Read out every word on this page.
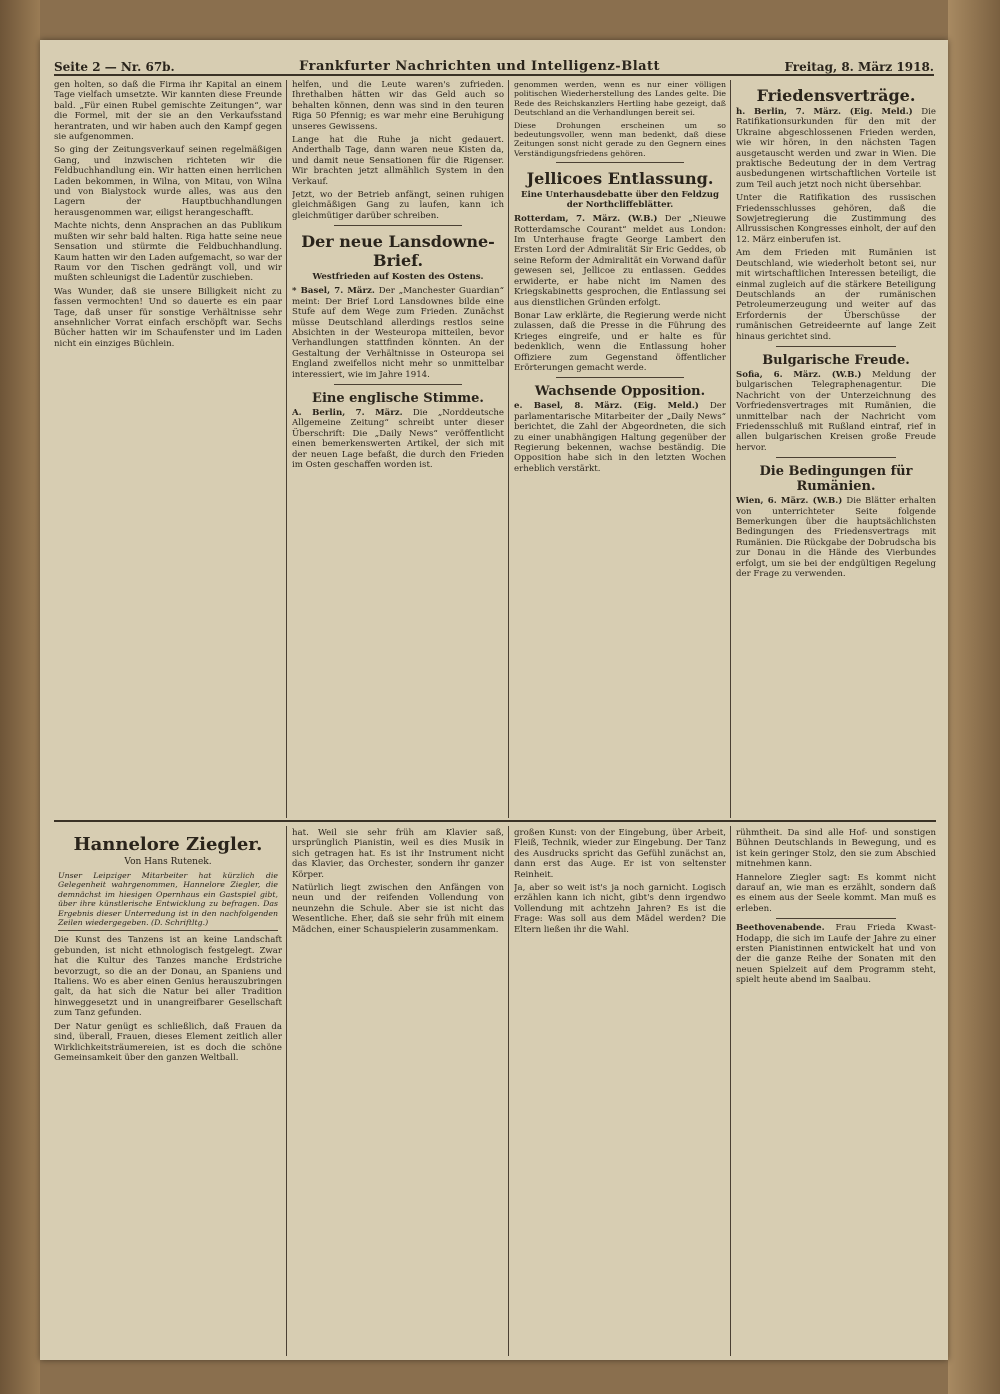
Seite 2 — Nr. 67b.	Frankfurter Nachrichten und Intelligenz-Blatt	Freitag, 8. März 1918.

gen holten, so daß die Firma ihr Kapital an einem Tage vielfach umsetzte. Wir kannten diese Freunde bald. „Für einen Rubel gemischte Zeitungen“, war die Formel, mit der sie an den Verkaufsstand herantraten, und wir haben auch den Kampf gegen sie aufgenommen.

So ging der Zeitungsverkauf seinen regelmäßigen Gang, und inzwischen richteten wir die Feldbuchhandlung ein. Wir hatten einen herrlichen Laden bekommen, in Wilna, von Mitau, von Wilna und von Bialystock wurde alles, was aus den Lagern der Hauptbuchhandlungen herausgenommen war, eiligst herangeschafft.

Machte nichts, denn Ansprachen an das Publikum mußten wir sehr bald halten. Riga hatte seine neue Sensation und stürmte die Feldbuchhandlung. Kaum hatten wir den Laden aufgemacht, so war der Raum vor den Tischen gedrängt voll, und wir mußten schleunigst die Ladentür zuschieben.

Was Wunder, daß sie unsere Billigkeit nicht zu fassen vermochten! Und so dauerte es ein paar Tage, daß unser für sonstige Verhältnisse sehr ansehnlicher Vorrat einfach erschöpft war. Sechs Bücher hatten wir im Schaufenster und im Laden nicht ein einziges Büchlein.

helfen, und die Leute waren's zufrieden. Ihrethalben hätten wir das Geld auch so behalten können, denn was sind in den teuren Riga 50 Pfennig; es war mehr eine Beruhigung unseres Gewissens.

Lange hat die Ruhe ja nicht gedauert. Anderthalb Tage, dann waren neue Kisten da, und damit neue Sensationen für die Rigenser. Wir brachten jetzt allmählich System in den Verkauf.

Jetzt, wo der Betrieb anfängt, seinen ruhigen gleichmäßigen Gang zu laufen, kann ich gleichmütiger darüber schreiben.

Der neue Lansdowne-Brief.
Westfrieden auf Kosten des Ostens.

* Basel, 7. März. Der „Manchester Guardian“ meint: Der Brief Lord Lansdownes bilde eine Stufe auf dem Wege zum Frieden. Zunächst müsse Deutschland allerdings restlos seine Absichten in der Westeuropa mitteilen, bevor Verhandlungen stattfinden könnten. An der Gestaltung der Verhältnisse in Osteuropa sei England zweifellos nicht mehr so unmittelbar interessiert, wie im Jahre 1914.

Eine englische Stimme.

A. Berlin, 7. März. Die „Norddeutsche Allgemeine Zeitung“ schreibt unter dieser Überschrift: Die „Daily News“ veröffentlicht einen bemerkenswerten Artikel, der sich mit der neuen Lage befaßt, die durch den Frieden im Osten geschaffen worden ist.

genommen werden, wenn es nur einer völligen politischen Wiederherstellung des Landes gelte. Die Rede des Reichskanzlers Hertling habe gezeigt, daß Deutschland an die Verhandlungen bereit sei.

Diese Drohungen erscheinen um so bedeutungsvoller, wenn man bedenkt, daß diese Zeitungen sonst nicht gerade zu den Gegnern eines Verständigungsfriedens gehören.

Jellicoes Entlassung.
Eine Unterhausdebatte über den Feldzug der Northcliffeblätter.

Rotterdam, 7. März. (W.B.) Der „Nieuwe Rotterdamsche Courant“ meldet aus London: Im Unterhause fragte George Lambert den Ersten Lord der Admiralität Sir Eric Geddes, ob seine Reform der Admiralität ein Vorwand dafür gewesen sei, Jellicoe zu entlassen. Geddes erwiderte, er habe nicht im Namen des Kriegskabinetts gesprochen, die Entlassung sei aus dienstlichen Gründen erfolgt.

Bonar Law erklärte, die Regierung werde nicht zulassen, daß die Presse in die Führung des Krieges eingreife, und er halte es für bedenklich, wenn die Entlassung hoher Offiziere zum Gegenstand öffentlicher Erörterungen gemacht werde.

Wachsende Opposition.

e. Basel, 8. März. (Eig. Meld.) Der parlamentarische Mitarbeiter der „Daily News“ berichtet, die Zahl der Abgeordneten, die sich zu einer unabhängigen Haltung gegenüber der Regierung bekennen, wachse beständig. Die Opposition habe sich in den letzten Wochen erheblich verstärkt.

Friedensverträge.

h. Berlin, 7. März. (Eig. Meld.) Die Ratifikationsurkunden für den mit der Ukraine abgeschlossenen Frieden werden, wie wir hören, in den nächsten Tagen ausgetauscht werden und zwar in Wien. Die praktische Bedeutung der in dem Vertrag ausbedungenen wirtschaftlichen Vorteile ist zum Teil auch jetzt noch nicht übersehbar.

Unter die Ratifikation des russischen Friedensschlusses gehören, daß die Sowjetregierung die Zustimmung des Allrussischen Kongresses einholt, der auf den 12. März einberufen ist.

Am dem Frieden mit Rumänien ist Deutschland, wie wiederholt betont sei, nur mit wirtschaftlichen Interessen beteiligt, die einmal zugleich auf die stärkere Beteiligung Deutschlands an der rumänischen Petroleumerzeugung und weiter auf das Erfordernis der Überschüsse der rumänischen Getreideernte auf lange Zeit hinaus gerichtet sind.

Bulgarische Freude.

Sofia, 6. März. (W.B.) Meldung der bulgarischen Telegraphenagentur. Die Nachricht von der Unterzeichnung des Vorfriedensvertrages mit Rumänien, die unmittelbar nach der Nachricht vom Friedensschluß mit Rußland eintraf, rief in allen bulgarischen Kreisen große Freude hervor.

Die Bedingungen für Rumänien.

Wien, 6. März. (W.B.) Die Blätter erhalten von unterrichteter Seite folgende Bemerkungen über die hauptsächlichsten Bedingungen des Friedensvertrags mit Rumänien. Die Rückgabe der Dobrudscha bis zur Donau in die Hände des Vierbundes erfolgt, um sie bei der endgültigen Regelung der Frage zu verwenden.

Hannelore Ziegler.
Von Hans Rutenek.
Unser Leipziger Mitarbeiter hat kürzlich die Gelegenheit wahrgenommen, Hannelore Ziegler, die demnächst im hiesigen Opernhaus ein Gastspiel gibt, über ihre künstlerische Entwicklung zu befragen. Das Ergebnis dieser Unterredung ist in den nachfolgenden Zeilen wiedergegeben. (D. Schriftltg.)

Die Kunst des Tanzens ist an keine Landschaft gebunden, ist nicht ethnologisch festgelegt. Zwar hat die Kultur des Tanzes manche Erdstriche bevorzugt, so die an der Donau, an Spaniens und Italiens. Wo es aber einen Genius herauszubringen galt, da hat sich die Natur bei aller Tradition hinweggesetzt und in unangreifbarer Gesellschaft zum Tanz gefunden.

Der Natur genügt es schließlich, daß Frauen da sind, überall, Frauen, dieses Element zeitlich aller Wirklichkeitsträumereien, ist es doch die schöne Gemeinsamkeit über den ganzen Weltball.

hat. Weil sie sehr früh am Klavier saß, ursprünglich Pianistin, weil es dies Musik in sich getragen hat. Es ist ihr Instrument nicht das Klavier, das Orchester, sondern ihr ganzer Körper.

Natürlich liegt zwischen den Anfängen von neun und der reifenden Vollendung von neunzehn die Schule. Aber sie ist nicht das Wesentliche. Eher, daß sie sehr früh mit einem Mädchen, einer Schauspielerin zusammenkam.

großen Kunst: von der Eingebung, über Arbeit, Fleiß, Technik, wieder zur Eingebung. Der Tanz des Ausdrucks spricht das Gefühl zunächst an, dann erst das Auge. Er ist von seltenster Reinheit.

Ja, aber so weit ist's ja noch garnicht. Logisch erzählen kann ich nicht, gibt's denn irgendwo Vollendung mit achtzehn Jahren? Es ist die Frage: Was soll aus dem Mädel werden? Die Eltern ließen ihr die Wahl.

rühmtheit. Da sind alle Hof- und sonstigen Bühnen Deutschlands in Bewegung, und es ist kein geringer Stolz, den sie zum Abschied mitnehmen kann.

Hannelore Ziegler sagt: Es kommt nicht darauf an, wie man es erzählt, sondern daß es einem aus der Seele kommt. Man muß es erleben.

Beethovenabende. Frau Frieda Kwast-Hodapp, die sich im Laufe der Jahre zu einer ersten Pianistinnen entwickelt hat und von der die ganze Reihe der Sonaten mit den neuen Spielzeit auf dem Programm steht, spielt heute abend im Saalbau.
